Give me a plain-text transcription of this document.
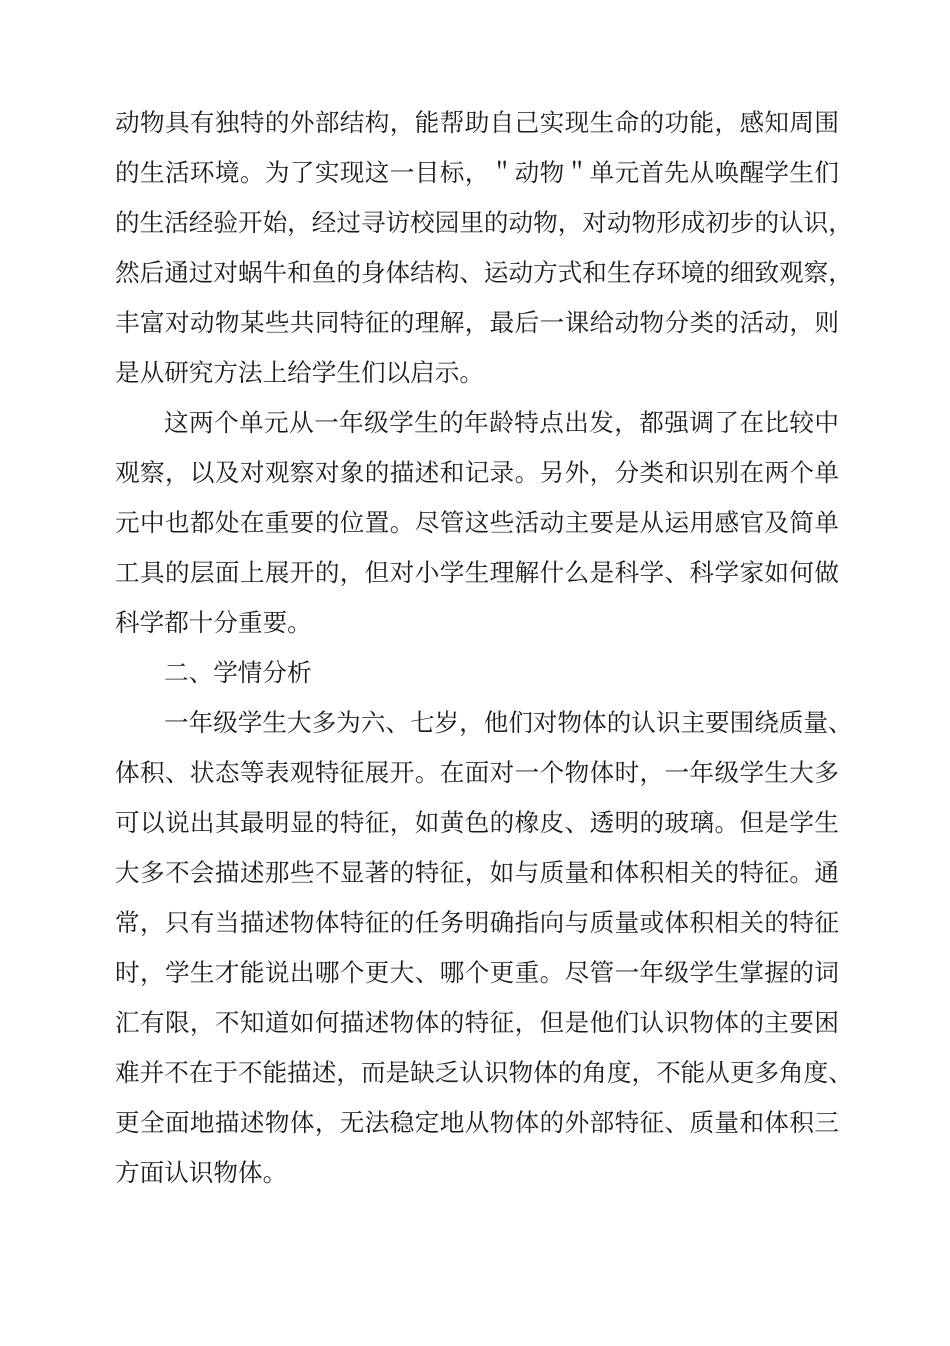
动物具有独特的外部结构，能帮助自己实现生命的功能，感知周围
的生活环境。为了实现这一目标，＂动物＂单元首先从唤醒学生们
的生活经验开始，经过寻访校园里的动物，对动物形成初步的认识，
然后通过对蜗牛和鱼的身体结构、运动方式和生存环境的细致观察，
丰富对动物某些共同特征的理解，最后一课给动物分类的活动，则
是从研究方法上给学生们以启示。
这两个单元从一年级学生的年龄特点出发，都强调了在比较中
观察，以及对观察对象的描述和记录。另外，分类和识别在两个单
元中也都处在重要的位置。尽管这些活动主要是从运用感官及简单
工具的层面上展开的，但对小学生理解什么是科学、科学家如何做
科学都十分重要。
二、学情分析
一年级学生大多为六、七岁，他们对物体的认识主要围绕质量、
体积、状态等表观特征展开。在面对一个物体时，一年级学生大多
可以说出其最明显的特征，如黄色的橡皮、透明的玻璃。但是学生
大多不会描述那些不显著的特征，如与质量和体积相关的特征。通
常，只有当描述物体特征的任务明确指向与质量或体积相关的特征
时，学生才能说出哪个更大、哪个更重。尽管一年级学生掌握的词
汇有限，不知道如何描述物体的特征，但是他们认识物体的主要困
难并不在于不能描述，而是缺乏认识物体的角度，不能从更多角度、
更全面地描述物体，无法稳定地从物体的外部特征、质量和体积三
方面认识物体。
